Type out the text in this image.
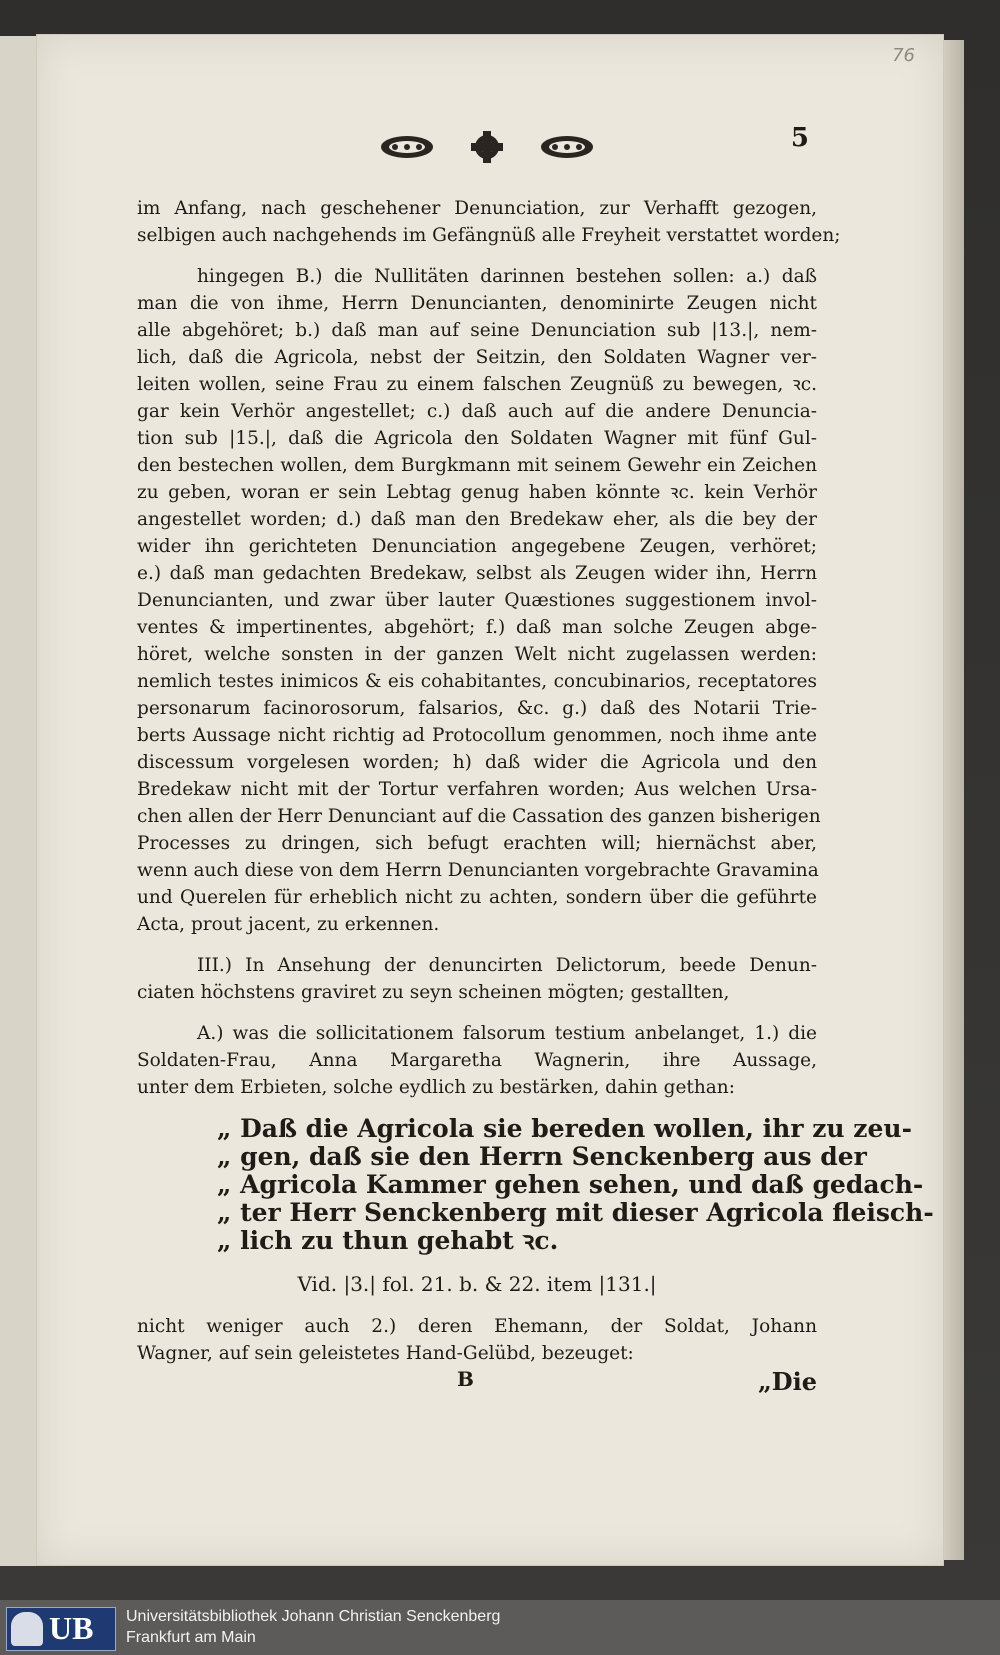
76
5
im Anfang, nach geschehener Denunciation, zur Verhafft gezogen,
selbigen auch nachgehends im Gefängnüß alle Freyheit verstattet worden;
hingegen B.) die Nullitäten darinnen bestehen sollen: a.) daß
man die von ihme, Herrn Denuncianten, denominirte Zeugen nicht
alle abgehöret; b.) daß man auf seine Denunciation sub |13.|, nem-
lich, daß die Agricola, nebst der Seitzin, den Soldaten Wagner ver-
leiten wollen, seine Frau zu einem falschen Zeugnüß zu bewegen, ꝛc.
gar kein Verhör angestellet; c.) daß auch auf die andere Denuncia-
tion sub |15.|, daß die Agricola den Soldaten Wagner mit fünf Gul-
den bestechen wollen, dem Burgkmann mit seinem Gewehr ein Zeichen
zu geben, woran er sein Lebtag genug haben könnte ꝛc. kein Verhör
angestellet worden; d.) daß man den Bredekaw eher, als die bey der
wider ihn gerichteten Denunciation angegebene Zeugen, verhöret;
e.) daß man gedachten Bredekaw, selbst als Zeugen wider ihn, Herrn
Denuncianten, und zwar über lauter Quæstiones suggestionem invol-
ventes & impertinentes, abgehört; f.) daß man solche Zeugen abge-
höret, welche sonsten in der ganzen Welt nicht zugelassen werden:
nemlich testes inimicos & eis cohabitantes, concubinarios, receptatores
personarum facinorosorum, falsarios, &c. g.) daß des Notarii Trie-
berts Aussage nicht richtig ad Protocollum genommen, noch ihme ante
discessum vorgelesen worden; h) daß wider die Agricola und den
Bredekaw nicht mit der Tortur verfahren worden; Aus welchen Ursa-
chen allen der Herr Denunciant auf die Cassation des ganzen bisherigen
Processes zu dringen, sich befugt erachten will; hiernächst aber,
wenn auch diese von dem Herrn Denuncianten vorgebrachte Gravamina
und Querelen für erheblich nicht zu achten, sondern über die geführte
Acta, prout jacent, zu erkennen.
III.) In Ansehung der denuncirten Delictorum, beede Denun-
ciaten höchstens graviret zu seyn scheinen mögten; gestallten,
A.) was die sollicitationem falsorum testium anbelanget, 1.) die
Soldaten-Frau, Anna Margaretha Wagnerin, ihre Aussage,
unter dem Erbieten, solche eydlich zu bestärken, dahin gethan:
„ Daß die Agricola sie bereden wollen, ihr zu zeu-
„ gen, daß sie den Herrn Senckenberg aus der
„ Agricola Kammer gehen sehen, und daß gedach-
„ ter Herr Senckenberg mit dieser Agricola fleisch-
„ lich zu thun gehabt ꝛc.
Vid. |3.| fol. 21. b. & 22. item |131.|
nicht weniger auch 2.) deren Ehemann, der Soldat, Johann
Wagner, auf sein geleistetes Hand-Gelübd, bezeuget:
B	„Die
UB Universitätsbibliothek Johann Christian Senckenberg
Frankfurt am Main
